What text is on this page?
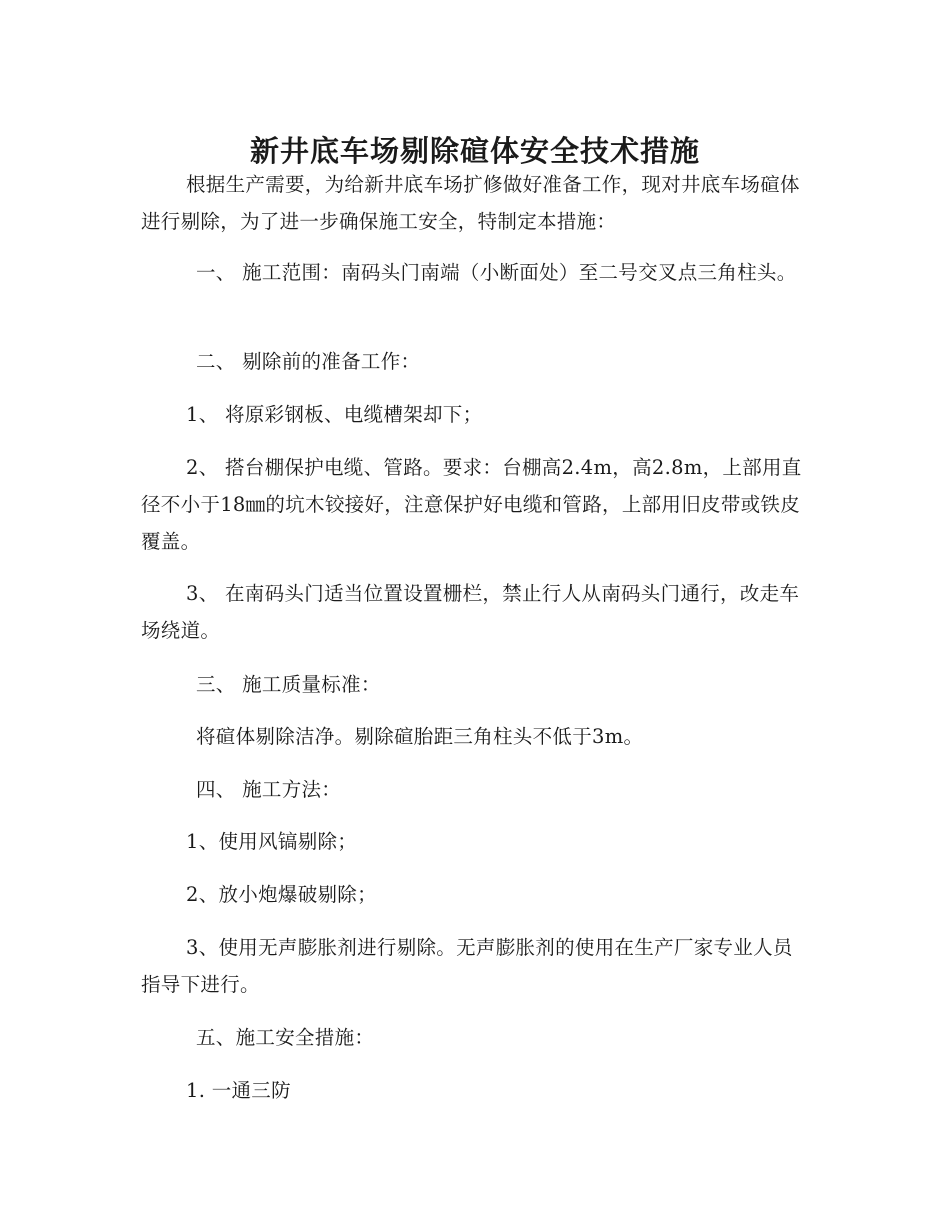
新井底车场剔除碹体安全技术措施

根据生产需要，为给新井底车场扩修做好准备工作，现对井底车场碹体进行剔除，为了进一步确保施工安全，特制定本措施：

一、 施工范围：南码头门南端（小断面处）至二号交叉点三角柱头。

二、 剔除前的准备工作：

1、 将原彩钢板、电缆槽架却下；

2、 搭台棚保护电缆、管路。要求：台棚高2.4m，高2.8m，上部用直径不小于18㎜的坑木铰接好，注意保护好电缆和管路，上部用旧皮带或铁皮覆盖。

3、 在南码头门适当位置设置栅栏，禁止行人从南码头门通行，改走车场绕道。

三、 施工质量标准：

将碹体剔除洁净。剔除碹胎距三角柱头不低于3m。

四、 施工方法：

1、使用风镐剔除；

2、放小炮爆破剔除；

3、使用无声膨胀剂进行剔除。无声膨胀剂的使用在生产厂家专业人员指导下进行。

五、施工安全措施：

1. 一通三防
